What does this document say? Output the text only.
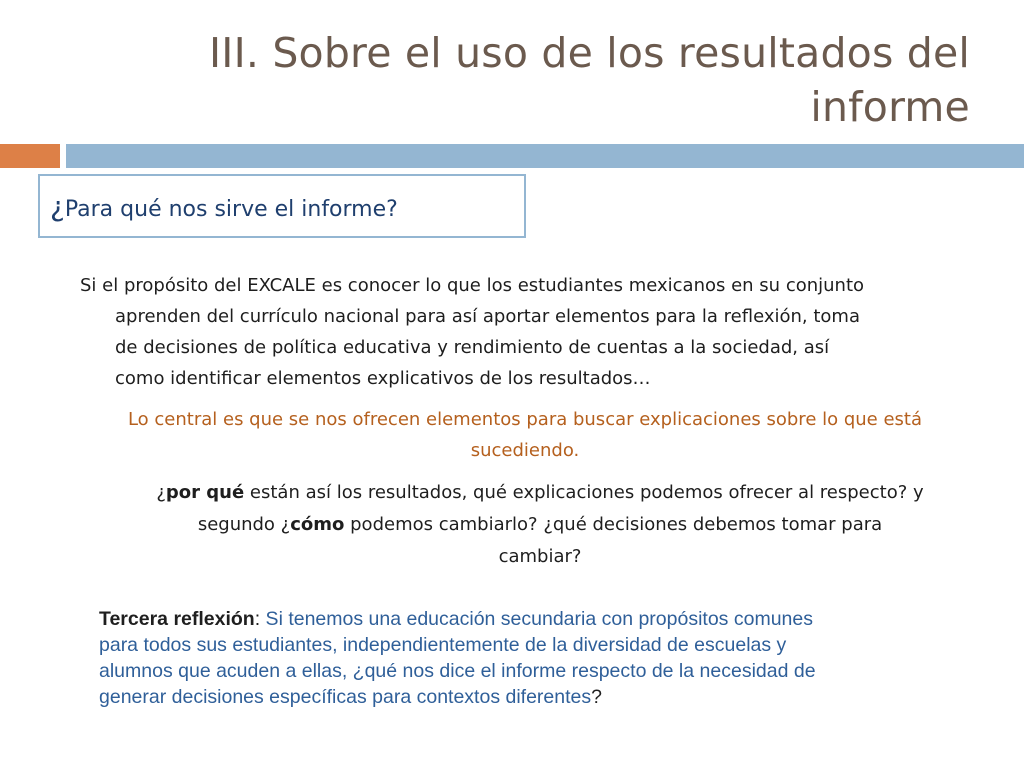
III. Sobre el uso de los resultados del
informe
¿Para qué nos sirve el informe?
Si el propósito del EXCALE es conocer lo que los estudiantes mexicanos en su conjunto
aprenden del currículo nacional para así aportar elementos para la reflexión, toma
de decisiones de política educativa y rendimiento de cuentas a la sociedad, así
como identificar elementos explicativos de los resultados…
Lo central es que se nos ofrecen elementos para buscar explicaciones sobre lo que está
sucediendo.
¿por qué están así los resultados, qué explicaciones podemos ofrecer al respecto? y
segundo ¿cómo podemos cambiarlo? ¿qué decisiones debemos tomar para
cambiar?
Tercera reflexión: Si tenemos una educación secundaria con propósitos comunes
para todos sus estudiantes, independientemente de la diversidad de escuelas y
alumnos que acuden a ellas, ¿qué nos dice el informe respecto de la necesidad de
generar decisiones específicas para contextos diferentes?
